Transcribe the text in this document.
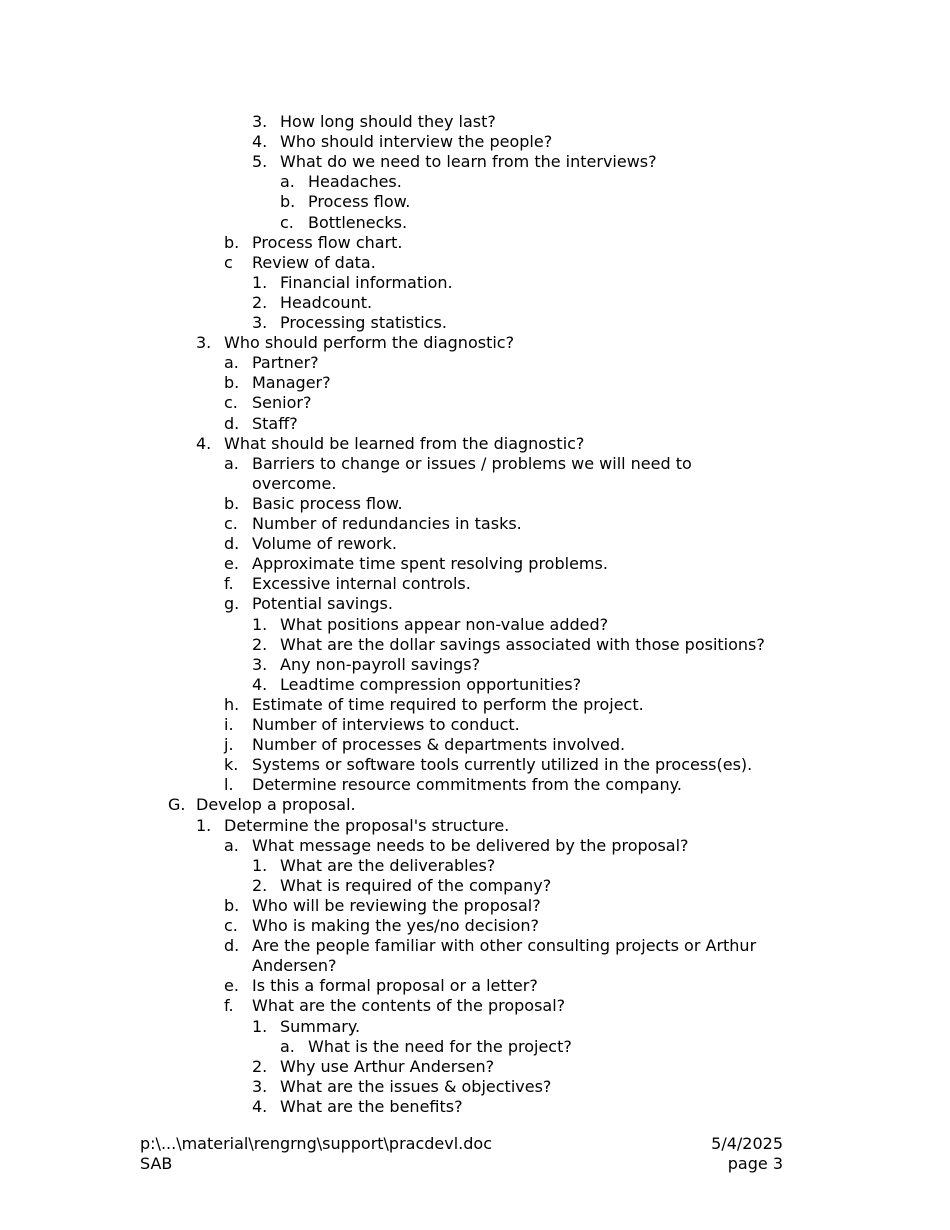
3. How long should they last?
4. Who should interview the people?
5. What do we need to learn from the interviews?
a. Headaches.
b. Process flow.
c. Bottlenecks.
b. Process flow chart.
c Review of data.
1. Financial information.
2. Headcount.
3. Processing statistics.
3. Who should perform the diagnostic?
a. Partner?
b. Manager?
c. Senior?
d. Staff?
4. What should be learned from the diagnostic?
a. Barriers to change or issues / problems we will need to
overcome.
b. Basic process flow.
c. Number of redundancies in tasks.
d. Volume of rework.
e. Approximate time spent resolving problems.
f. Excessive internal controls.
g. Potential savings.
1. What positions appear non-value added?
2. What are the dollar savings associated with those positions?
3. Any non-payroll savings?
4. Leadtime compression opportunities?
h. Estimate of time required to perform the project.
i. Number of interviews to conduct.
j. Number of processes & departments involved.
k. Systems or software tools currently utilized in the process(es).
l. Determine resource commitments from the company.
G. Develop a proposal.
1. Determine the proposal's structure.
a. What message needs to be delivered by the proposal?
1. What are the deliverables?
2. What is required of the company?
b. Who will be reviewing the proposal?
c. Who is making the yes/no decision?
d. Are the people familiar with other consulting projects or Arthur
Andersen?
e. Is this a formal proposal or a letter?
f. What are the contents of the proposal?
1. Summary.
a. What is the need for the project?
2. Why use Arthur Andersen?
3. What are the issues & objectives?
4. What are the benefits?
p:\...\material\rengrng\support\pracdevl.doc
SAB
5/4/2025
page 3
